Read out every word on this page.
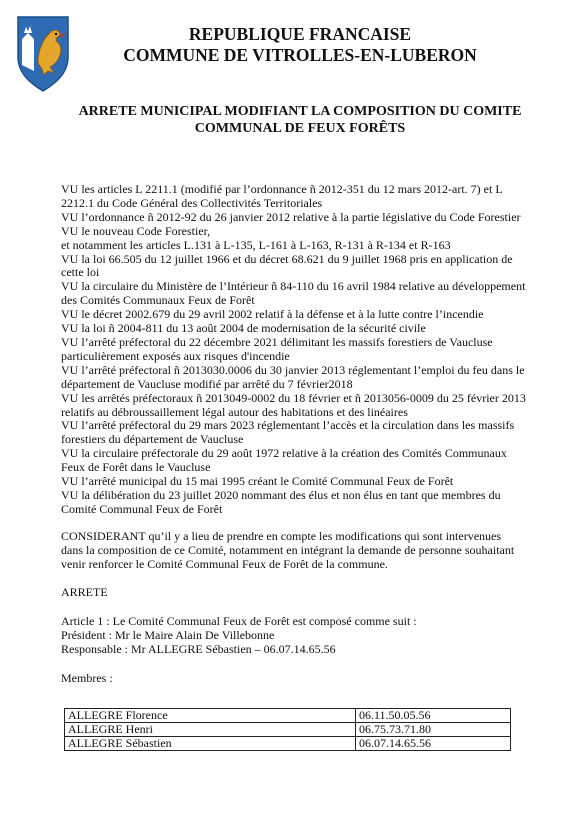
REPUBLIQUE FRANCAISE
COMMUNE DE VITROLLES-EN-LUBERON
ARRETE MUNICIPAL MODIFIANT LA COMPOSITION DU COMITE
COMMUNAL DE FEUX FORÊTS

VU les articles L 2211.1 (modifié par l’ordonnance ñ 2012-351 du 12 mars 2012-art. 7) et L 2212.1 du Code Général des Collectivités Territoriales

VU l’ordonnance ñ 2012-92 du 26 janvier 2012 relative à la partie législative du Code Forestier

VU le nouveau Code Forestier,

et notamment les articles L.131 à L-135, L-161 à L-163, R-131 à R-134 et R-163

VU la loi 66.505 du 12 juillet 1966 et du décret 68.621 du 9 juillet 1968 pris en application de cette loi

VU la circulaire du Ministère de l’Intérieur ñ 84-110 du 16 avril 1984 relative au développement des Comités Communaux Feux de Forêt

VU le décret 2002.679 du 29 avril 2002 relatif à la défense et à la lutte contre l’incendie

VU la loi ñ 2004-811 du 13 août 2004 de modernisation de la sécurité civile

VU l’arrêté préfectoral du 22 décembre 2021 délimitant les massifs forestiers de Vaucluse particulièrement exposés aux risques d'incendie

VU l’arrêté préfectoral ñ 2013030.0006 du 30 janvier 2013 réglementant l’emploi du feu dans le département de Vaucluse modifié par arrêté du 7 février2018

VU les arrêtés préfectoraux ñ 2013049-0002 du 18 février et ñ 2013056-0009 du 25 février 2013 relatifs au débroussaillement légal autour des habitations et des linéaires

VU l’arrêté préfectoral du 29 mars 2023 réglementant l’accès et la circulation dans les massifs forestiers du département de Vaucluse

VU la circulaire préfectorale du 29 août 1972 relative à la création des Comités Communaux Feux de Forêt dans le Vaucluse

VU l’arrêté municipal du 15 mai 1995 créant le Comité Communal Feux de Forêt

VU la délibération du 23 juillet 2020 nommant des élus et non élus en tant que membres du Comité Communal Feux de Forêt

CONSIDERANT qu’il y a lieu de prendre en compte les modifications qui sont intervenues dans la composition de ce Comité, notamment en intégrant la demande de personne souhaitant venir renforcer le Comité Communal Feux de Forêt de la commune.

ARRETE

Article 1 : Le Comité Communal Feux de Forêt est composé comme suit :

Président : Mr le Maire Alain De Villebonne

Responsable : Mr ALLEGRE Sébastien – 06.07.14.65.56

Membres :

ALLEGRE Florence	06.11.50.05.56
ALLEGRE Henri	06.75.73.71.80
ALLEGRE Sébastien	06.07.14.65.56
